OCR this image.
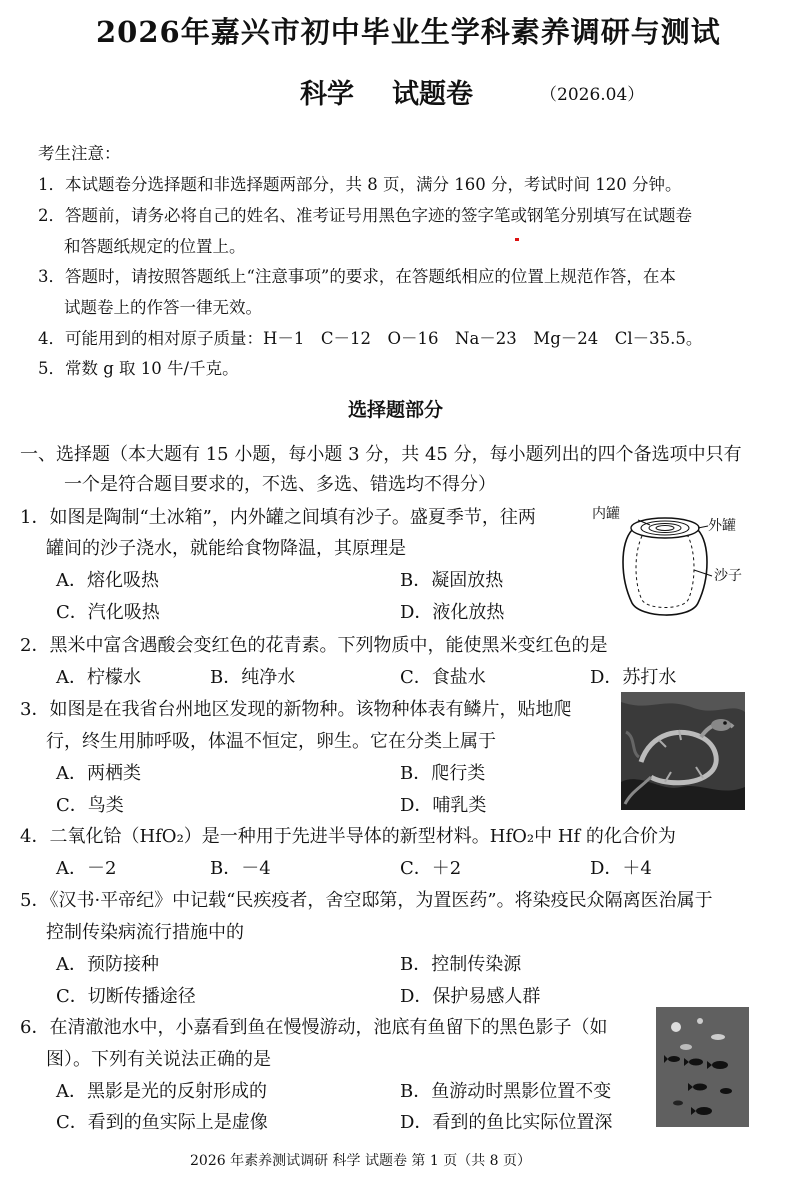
2026年嘉兴市初中毕业生学科素养调研与测试
科学 试题卷	（2026.04）
考生注意：
1．本试题卷分选择题和非选择题两部分，共 8 页，满分 160 分，考试时间 120 分钟。
2．答题前，请务必将自己的姓名、准考证号用黑色字迹的签字笔或钢笔分别填写在试题卷
和答题纸规定的位置上。
3．答题时，请按照答题纸上“注意事项”的要求，在答题纸相应的位置上规范作答，在本
试题卷上的作答一律无效。
4．可能用到的相对原子质量：H－1　C－12　O－16　Na－23　Mg－24　Cl－35.5。
5．常数 g 取 10 牛/千克。
选择题部分
一、选择题（本大题有 15 小题，每小题 3 分，共 45 分，每小题列出的四个备选项中只有
一个是符合题目要求的，不选、多选、错选均不得分）
1．如图是陶制“土冰箱”，内外罐之间填有沙子。盛夏季节，往两
罐间的沙子浇水，就能给食物降温，其原理是
A．熔化吸热	B．凝固放热
C．汽化吸热	D．液化放热
内罐
外罐
沙子
2．黑米中富含遇酸会变红色的花青素。下列物质中，能使黑米变红色的是
A．柠檬水	B．纯净水	C．食盐水	D．苏打水
3．如图是在我省台州地区发现的新物种。该物种体表有鳞片，贴地爬
行，终生用肺呼吸，体温不恒定，卵生。它在分类上属于
A．两栖类	B．爬行类
C．鸟类	D．哺乳类
4．二氧化铪（HfO₂）是一种用于先进半导体的新型材料。HfO₂中 Hf 的化合价为
A．－2	B．－4	C．＋2	D．＋4
5．《汉书·平帝纪》中记载“民疾疫者，舍空邸第，为置医药”。将染疫民众隔离医治属于
控制传染病流行措施中的
A．预防接种	B．控制传染源
C．切断传播途径	D．保护易感人群
6．在清澈池水中，小嘉看到鱼在慢慢游动，池底有鱼留下的黑色影子（如
图）。下列有关说法正确的是
A．黑影是光的反射形成的	B．鱼游动时黑影位置不变
C．看到的鱼实际上是虚像	D．看到的鱼比实际位置深
2026 年素养测试调研 科学 试题卷 第 1 页（共 8 页）
